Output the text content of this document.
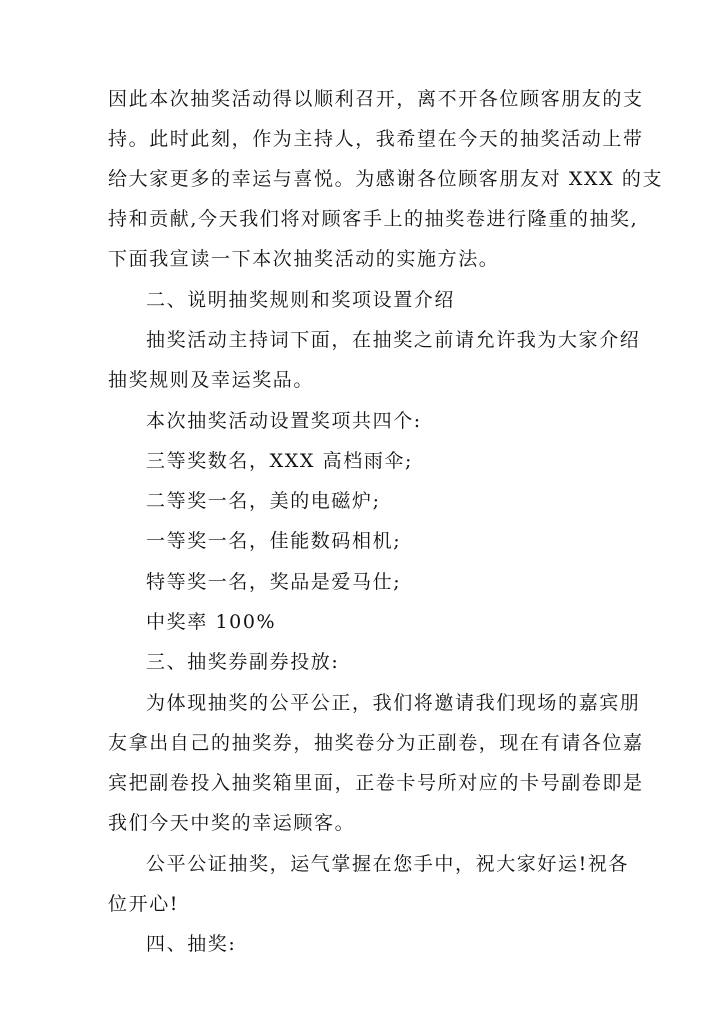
因此本次抽奖活动得以顺利召开，离不开各位顾客朋友的支
持。此时此刻，作为主持人，我希望在今天的抽奖活动上带
给大家更多的幸运与喜悦。为感谢各位顾客朋友对 XXX 的支
持和贡献,今天我们将对顾客手上的抽奖卷进行隆重的抽奖,
下面我宣读一下本次抽奖活动的实施方法。
二、说明抽奖规则和奖项设置介绍
抽奖活动主持词下面，在抽奖之前请允许我为大家介绍
抽奖规则及幸运奖品。
本次抽奖活动设置奖项共四个:
三等奖数名，XXX 高档雨伞;
二等奖一名，美的电磁炉;
一等奖一名，佳能数码相机;
特等奖一名，奖品是爱马仕;
中奖率 100%
三、抽奖券副券投放:
为体现抽奖的公平公正，我们将邀请我们现场的嘉宾朋
友拿出自己的抽奖券，抽奖卷分为正副卷，现在有请各位嘉
宾把副卷投入抽奖箱里面，正卷卡号所对应的卡号副卷即是
我们今天中奖的幸运顾客。
公平公证抽奖，运气掌握在您手中，祝大家好运!祝各
位开心!
四、抽奖:
